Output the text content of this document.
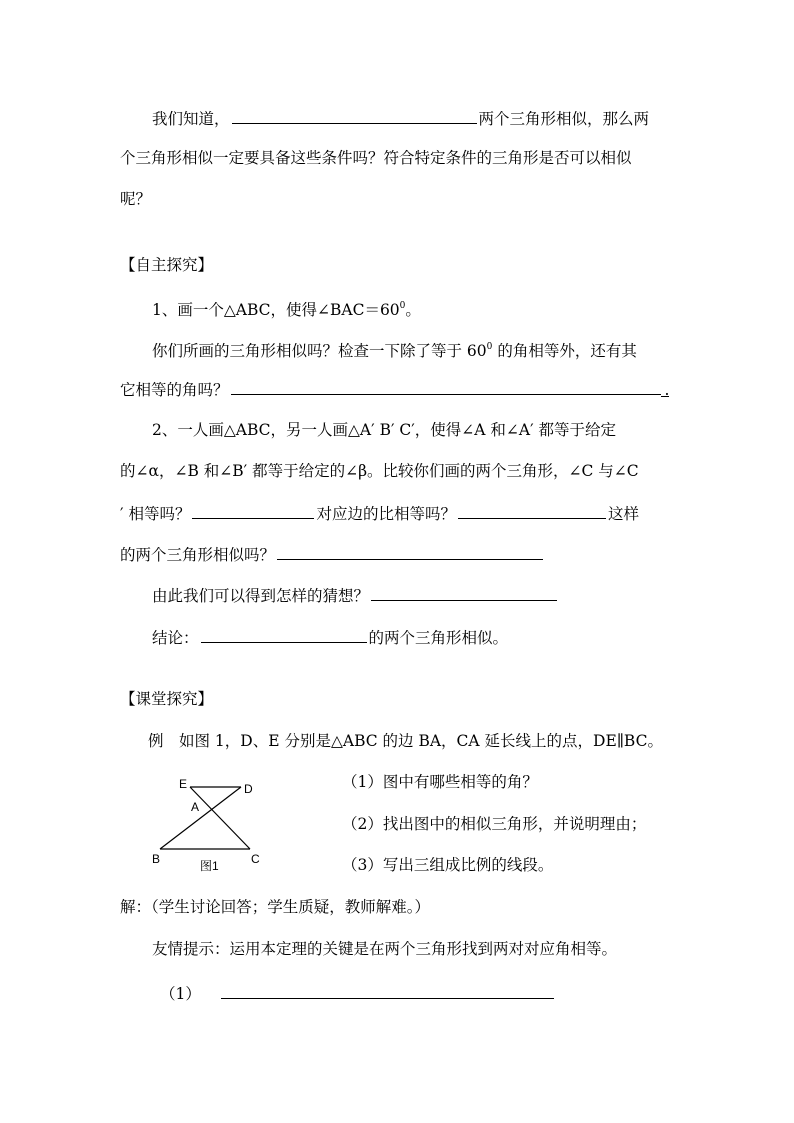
我们知道，	两个三角形相似，那么两
个三角形相似一定要具备这些条件吗？符合特定条件的三角形是否可以相似
呢？
【自主探究】
1、画一个△ABC，使得$\angle BAC=60^0$。
你们所画的三角形相似吗？检查一下除了等于 $60^0$ 的角相等外，还有其
它相等的角吗？	.
2、一人画△ABC，另一人画△A′ B′ C′，使得∠A 和∠A′ 都等于给定
的∠α，∠B 和∠B′ 都等于给定的∠β。比较你们画的两个三角形，∠C 与∠C
′ 相等吗？	对应边的比相等吗？	这样
的两个三角形相似吗？
由此我们可以得到怎样的猜想？
结论：	的两个三角形相似。
【课堂探究】
例　如图 1，D、E 分别是△ABC 的边 BA，CA 延长线上的点，DE∥BC。
E	D
A
B	C
图1
（1）图中有哪些相等的角？
（2）找出图中的相似三角形，并说明理由；
（3）写出三组成比例的线段。
解：（学生讨论回答；学生质疑，教师解难。）
友情提示：运用本定理的关键是在两个三角形找到两对对应角相等。
（1）
